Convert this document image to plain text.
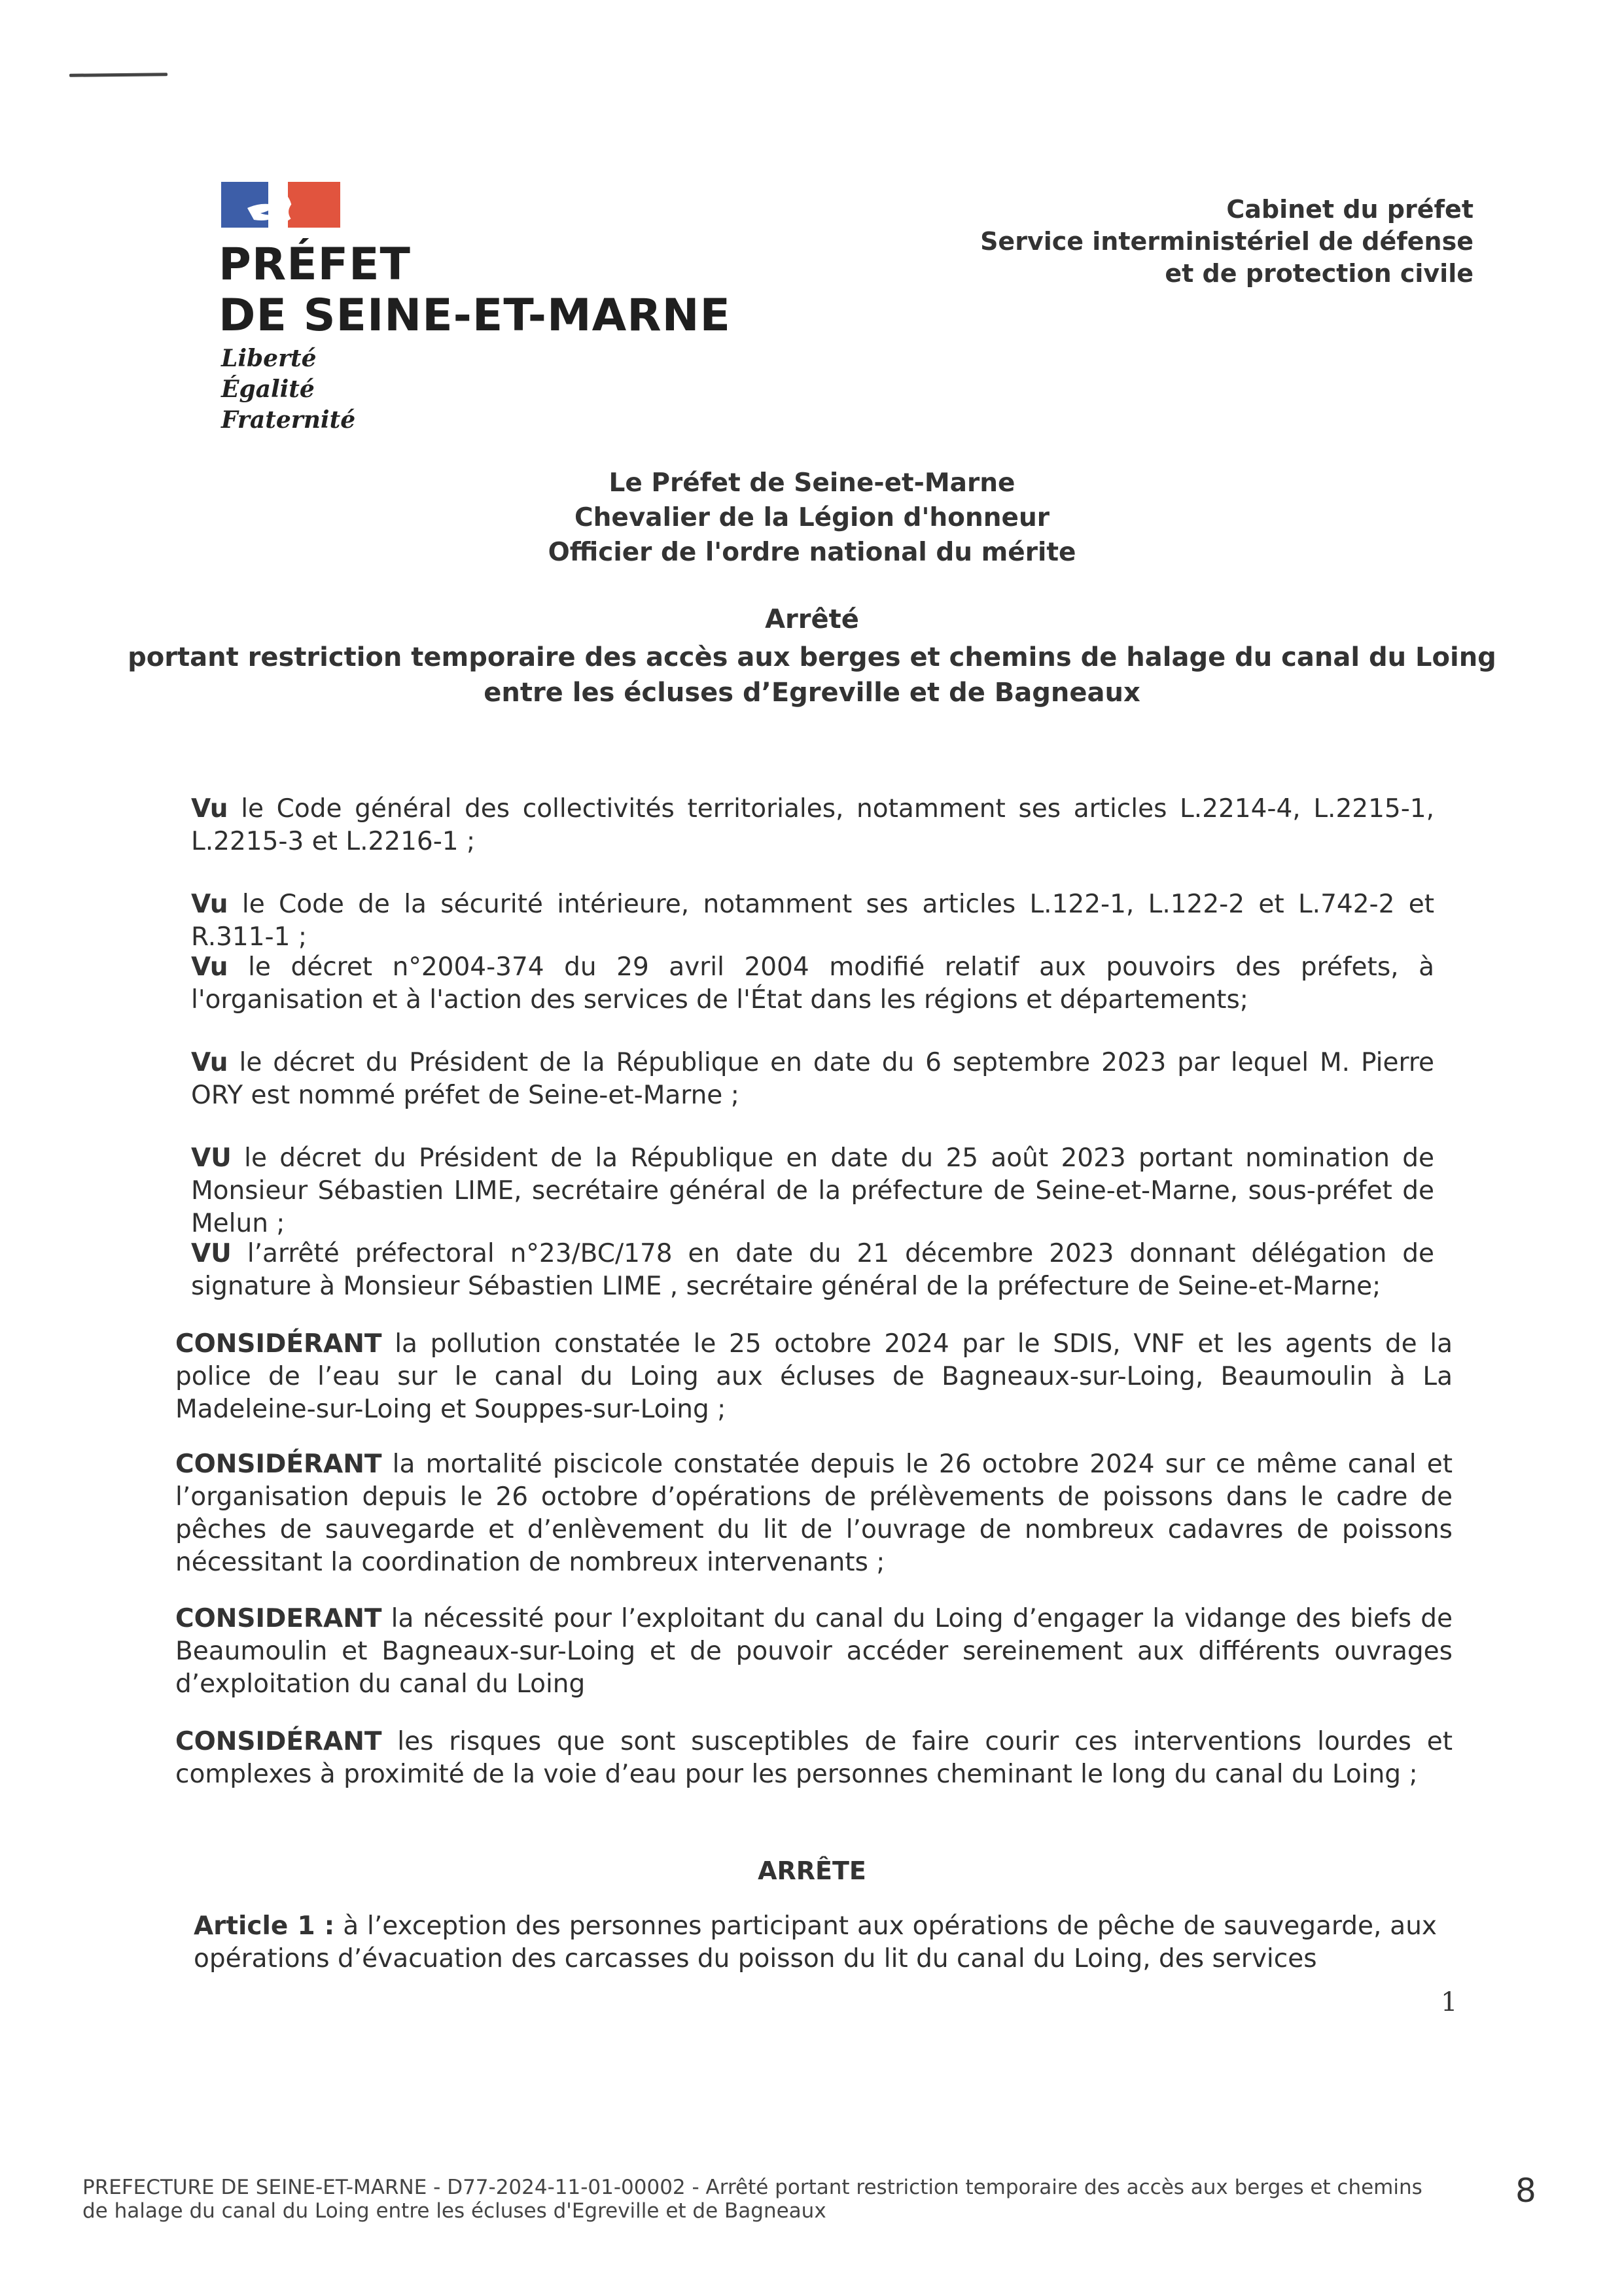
PRÉFET
DE SEINE-ET-MARNE
Liberté
Égalité
Fraternité
Cabinet du préfet
Service interministériel de défense
et de protection civile
Le Préfet de Seine-et-Marne
Chevalier de la Légion d'honneur
Officier de l'ordre national du mérite
Arrêté
portant restriction temporaire des accès aux berges et chemins de halage du canal du Loing
entre les écluses d’Egreville et de Bagneaux
Vu le Code général des collectivités territoriales, notamment ses articles L.2214-4, L.2215-1, L.2215-3 et L.2216-1 ;
Vu le Code de la sécurité intérieure, notamment ses articles L.122-1, L.122-2 et L.742-2 et R.311-1 ;
Vu le décret n°2004-374 du 29 avril 2004 modifié relatif aux pouvoirs des préfets, à l'organisation et à l'action des services de l'État dans les régions et départements;
Vu le décret du Président de la République en date du 6 septembre 2023 par lequel M. Pierre ORY est nommé préfet de Seine-et-Marne ;
VU le décret du Président de la République en date du 25 août 2023 portant nomination de Monsieur Sébastien LIME, secrétaire général de la préfecture de Seine-et-Marne, sous-préfet de Melun ;
VU l’arrêté préfectoral n°23/BC/178 en date du 21 décembre 2023 donnant délégation de signature à Monsieur Sébastien LIME , secrétaire général de la préfecture de Seine-et-Marne;
CONSIDÉRANT la pollution constatée le 25 octobre 2024 par le SDIS, VNF et les agents de la police de l’eau sur le canal du Loing aux écluses de Bagneaux-sur-Loing, Beaumoulin à La Madeleine-sur-Loing et Souppes-sur-Loing ;
CONSIDÉRANT la mortalité piscicole constatée depuis le 26 octobre 2024 sur ce même canal et l’organisation depuis le 26 octobre d’opérations de prélèvements de poissons dans le cadre de pêches de sauvegarde et d’enlèvement du lit de l’ouvrage de nombreux cadavres de poissons nécessitant la coordination de nombreux intervenants ;
CONSIDERANT la nécessité pour l’exploitant du canal du Loing d’engager la vidange des biefs de Beaumoulin et Bagneaux-sur-Loing et de pouvoir accéder sereinement aux différents ouvrages d’exploitation du canal du Loing
CONSIDÉRANT les risques que sont susceptibles de faire courir ces interventions lourdes et complexes à proximité de la voie d’eau pour les personnes cheminant le long du canal du Loing ;
ARRÊTE
Article 1 : à l’exception des personnes participant aux opérations de pêche de sauvegarde, aux opérations d’évacuation des carcasses du poisson du lit du canal du Loing, des services
1
PREFECTURE DE SEINE-ET-MARNE - D77-2024-11-01-00002 - Arrêté portant restriction temporaire des accès aux berges et chemins de halage du canal du Loing entre les écluses d'Egreville et de Bagneaux
8
